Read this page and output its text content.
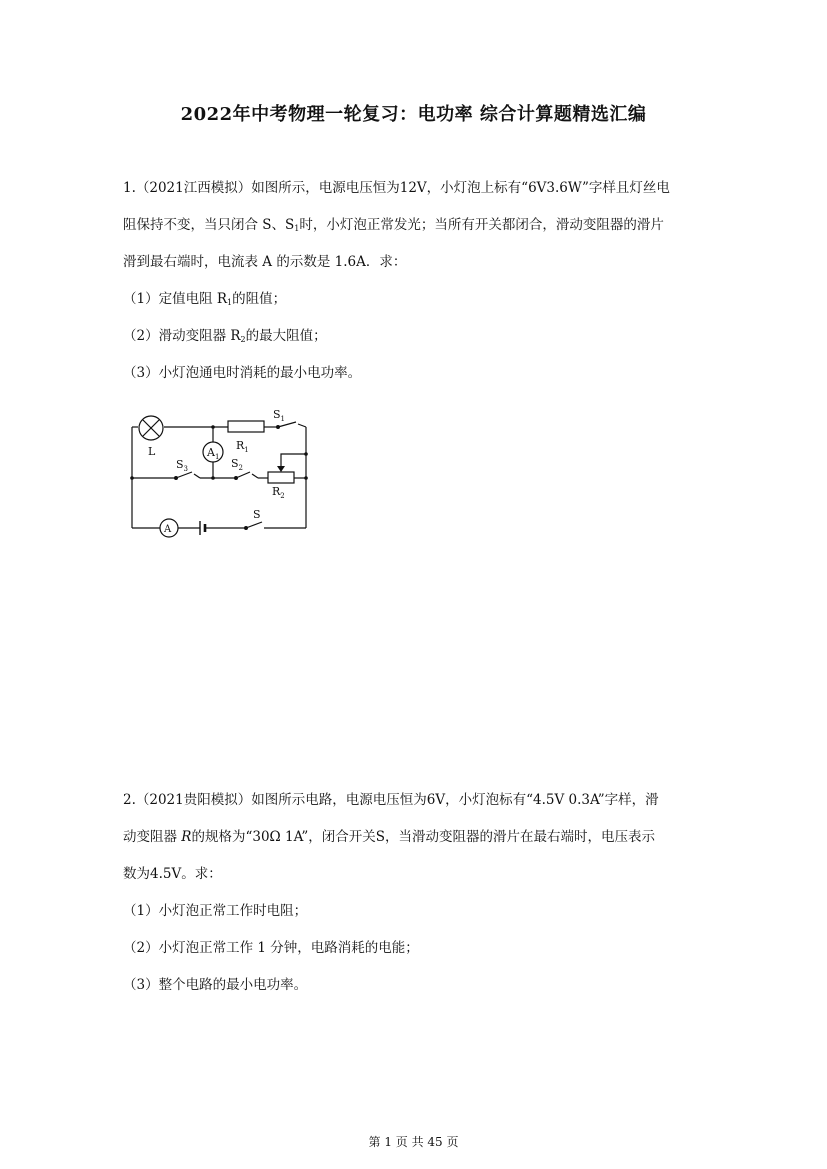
2022年中考物理一轮复习：电功率 综合计算题精选汇编
1.（2021江西模拟）如图所示，电源电压恒为12V，小灯泡上标有“6V3.6W”字样且灯丝电
阻保持不变，当只闭合 S、$S_1$时，小灯泡正常发光；当所有开关都闭合，滑动变阻器的滑片
滑到最右端时，电流表 A 的示数是 1.6A．求：
（1）定值电阻 $R_1$的阻值；
（2）滑动变阻器 $R_2$的最大阻值；
（3）小灯泡通电时消耗的最小电功率。
L	$A_1$
$R_1$
$S_1$
$S_3$	$S_2$
$R_2$
A
S
2.（2021贵阳模拟）如图所示电路，电源电压恒为6V，小灯泡标有“4.5V 0.3A”字样，滑
动变阻器 R的规格为“30Ω 1A”，闭合开关S，当滑动变阻器的滑片在最右端时，电压表示
数为4.5V。求：
（1）小灯泡正常工作时电阻；
（2）小灯泡正常工作 1 分钟，电路消耗的电能；
（3）整个电路的最小电功率。
第 1 页 共 45 页
